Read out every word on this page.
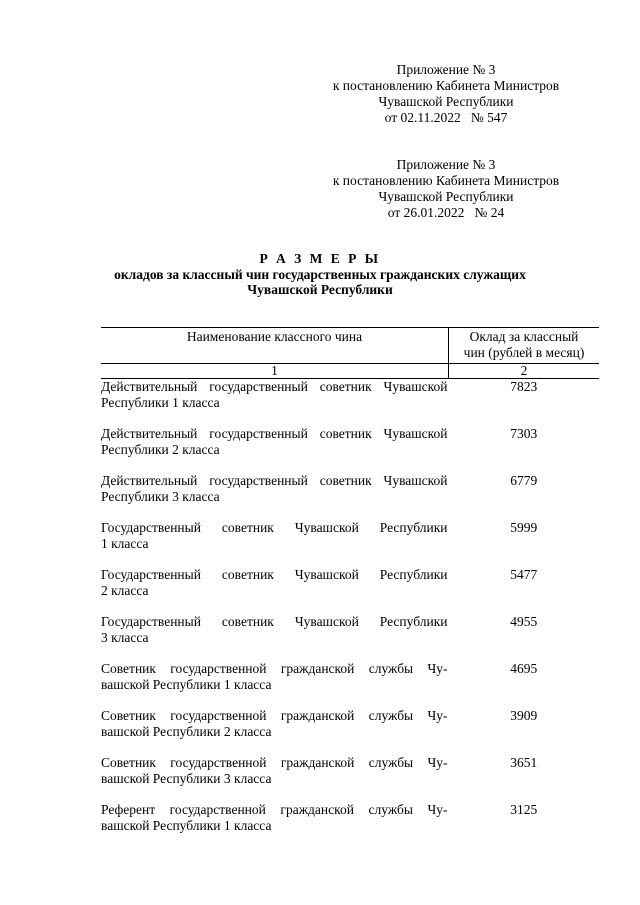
Приложение № 3
к постановлению Кабинета Министров
Чувашской Республики
от 02.11.2022   № 547
Приложение № 3
к постановлению Кабинета Министров
Чувашской Республики
от 26.01.2022   № 24
Р А З М Е Р Ы
окладов за классный чин государственных гражданских служащих
Чувашской Республики
Наименование классного чина	Оклад за классный
чин (рублей в месяц)

1	2

Действительный государственный советник Чувашской
Республики 1 класса	7823

Действительный государственный советник Чувашской
Республики 2 класса	7303

Действительный государственный советник Чувашской
Республики 3 класса	6779

Государственный советник Чувашской Республики
1 класса	5999

Государственный советник Чувашской Республики
2 класса	5477

Государственный советник Чувашской Республики
3 класса	4955

Советник государственной гражданской службы Чу-
вашской Республики 1 класса	4695

Советник государственной гражданской службы Чу-
вашской Республики 2 класса	3909

Советник государственной гражданской службы Чу-
вашской Республики 3 класса	3651

Референт государственной гражданской службы Чу-
вашской Республики 1 класса	3125
